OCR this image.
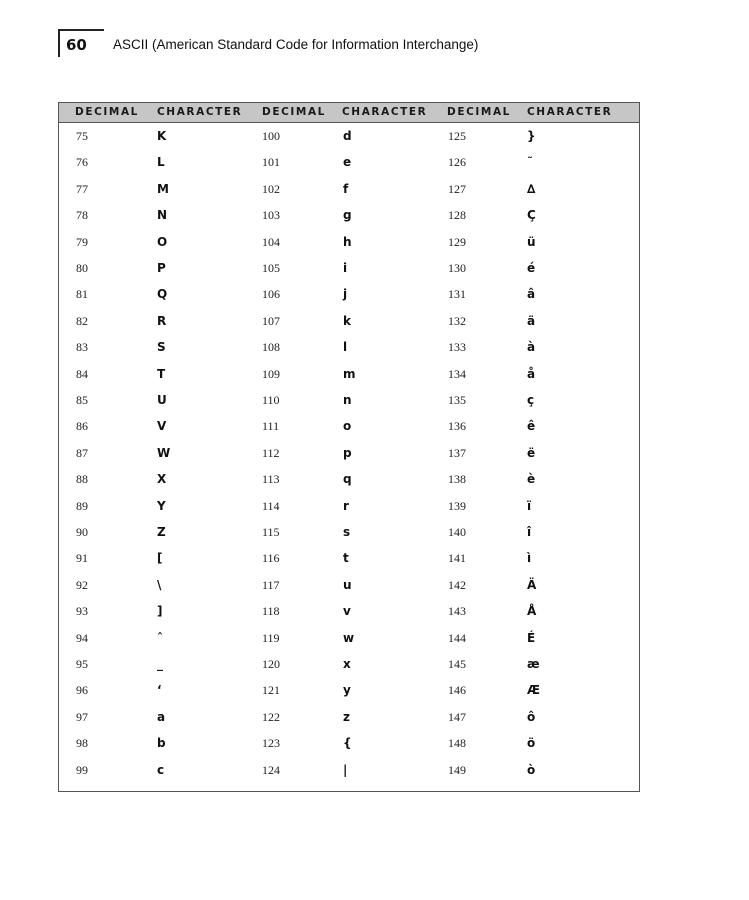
60 ASCII (American Standard Code for Information Interchange)
DECIMAL CHARACTER DECIMAL CHARACTER DECIMAL CHARACTER
75	K	100	d	125	}
76	L	101	e	126	˜
77	M	102	f	127	∆
78	N	103	g	128	Ç
79	O	104	h	129	ü
80	P	105	i	130	é
81	Q	106	j	131	â
82	R	107	k	132	ä
83	S	108	l	133	à
84	T	109	m	134	å
85	U	110	n	135	ç
86	V	111	o	136	ê
87	W	112	p	137	ë
88	X	113	q	138	è
89	Y	114	r	139	ï
90	Z	115	s	140	î
91	[	116	t	141	ì
92	\	117	u	142	Ä
93	]	118	v	143	Å
94	ˆ	119	w	144	É
95	_	120	x	145	æ
96	‘	121	y	146	Æ
97	a	122	z	147	ô
98	b	123	{	148	ö
99	c	124	|	149	ò
